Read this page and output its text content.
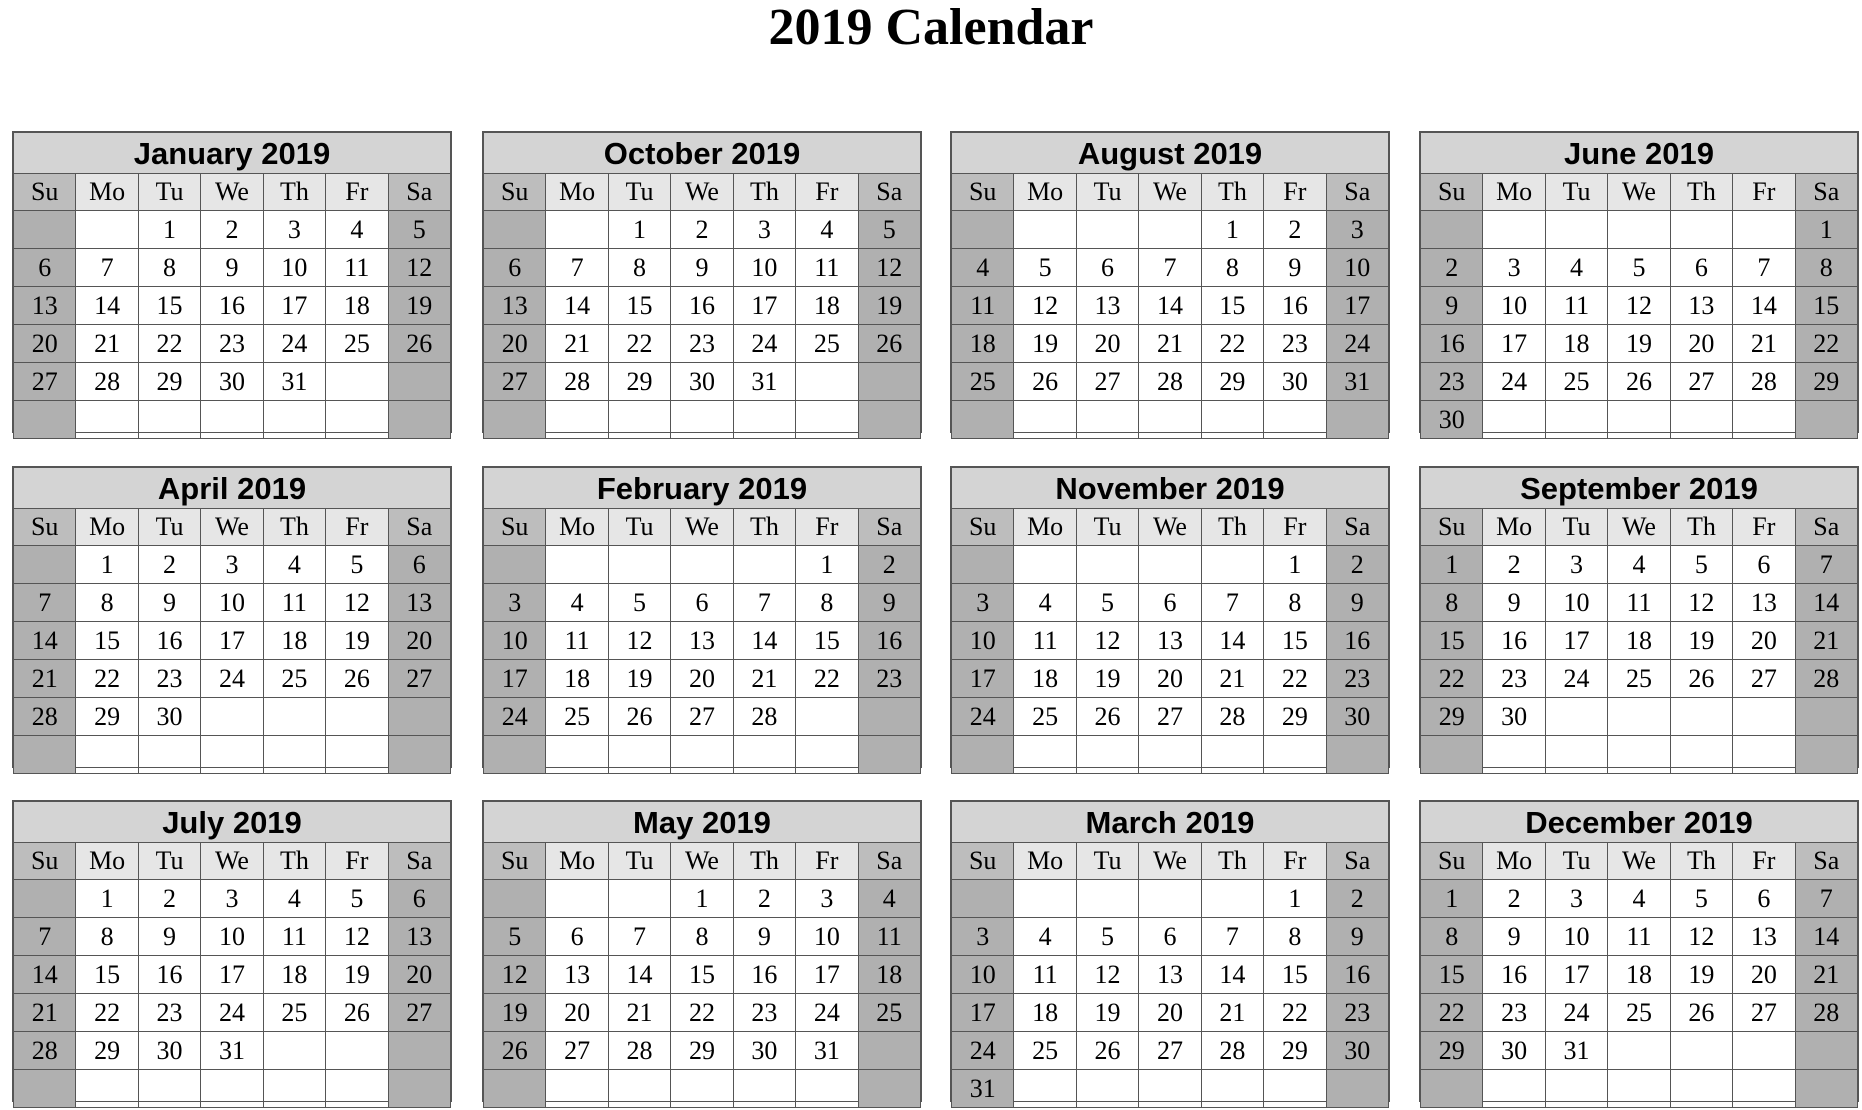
2019 Calendar
January 2019						
Su	Mo	Tu	We	Th	Fr	Sa
		1	2	3	4	5
6	7	8	9	10	11	12
13	14	15	16	17	18	19
20	21	22	23	24	25	26
27	28	29	30	31		

April 2019						
Su	Mo	Tu	We	Th	Fr	Sa
	1	2	3	4	5	6
7	8	9	10	11	12	13
14	15	16	17	18	19	20
21	22	23	24	25	26	27
28	29	30				

July 2019						
Su	Mo	Tu	We	Th	Fr	Sa
	1	2	3	4	5	6
7	8	9	10	11	12	13
14	15	16	17	18	19	20
21	22	23	24	25	26	27
28	29	30	31			

October 2019						
Su	Mo	Tu	We	Th	Fr	Sa
		1	2	3	4	5
6	7	8	9	10	11	12
13	14	15	16	17	18	19
20	21	22	23	24	25	26
27	28	29	30	31		

February 2019						
Su	Mo	Tu	We	Th	Fr	Sa
					1	2
3	4	5	6	7	8	9
10	11	12	13	14	15	16
17	18	19	20	21	22	23
24	25	26	27	28		

May 2019						
Su	Mo	Tu	We	Th	Fr	Sa
			1	2	3	4
5	6	7	8	9	10	11
12	13	14	15	16	17	18
19	20	21	22	23	24	25
26	27	28	29	30	31	

August 2019						
Su	Mo	Tu	We	Th	Fr	Sa
				1	2	3
4	5	6	7	8	9	10
11	12	13	14	15	16	17
18	19	20	21	22	23	24
25	26	27	28	29	30	31

November 2019						
Su	Mo	Tu	We	Th	Fr	Sa
					1	2
3	4	5	6	7	8	9
10	11	12	13	14	15	16
17	18	19	20	21	22	23
24	25	26	27	28	29	30

March 2019						
Su	Mo	Tu	We	Th	Fr	Sa
					1	2
3	4	5	6	7	8	9
10	11	12	13	14	15	16
17	18	19	20	21	22	23
24	25	26	27	28	29	30
31						
June 2019						
Su	Mo	Tu	We	Th	Fr	Sa
						1
2	3	4	5	6	7	8
9	10	11	12	13	14	15
16	17	18	19	20	21	22
23	24	25	26	27	28	29
30						
September 2019						
Su	Mo	Tu	We	Th	Fr	Sa
1	2	3	4	5	6	7
8	9	10	11	12	13	14
15	16	17	18	19	20	21
22	23	24	25	26	27	28
29	30					

December 2019						
Su	Mo	Tu	We	Th	Fr	Sa
1	2	3	4	5	6	7
8	9	10	11	12	13	14
15	16	17	18	19	20	21
22	23	24	25	26	27	28
29	30	31				
